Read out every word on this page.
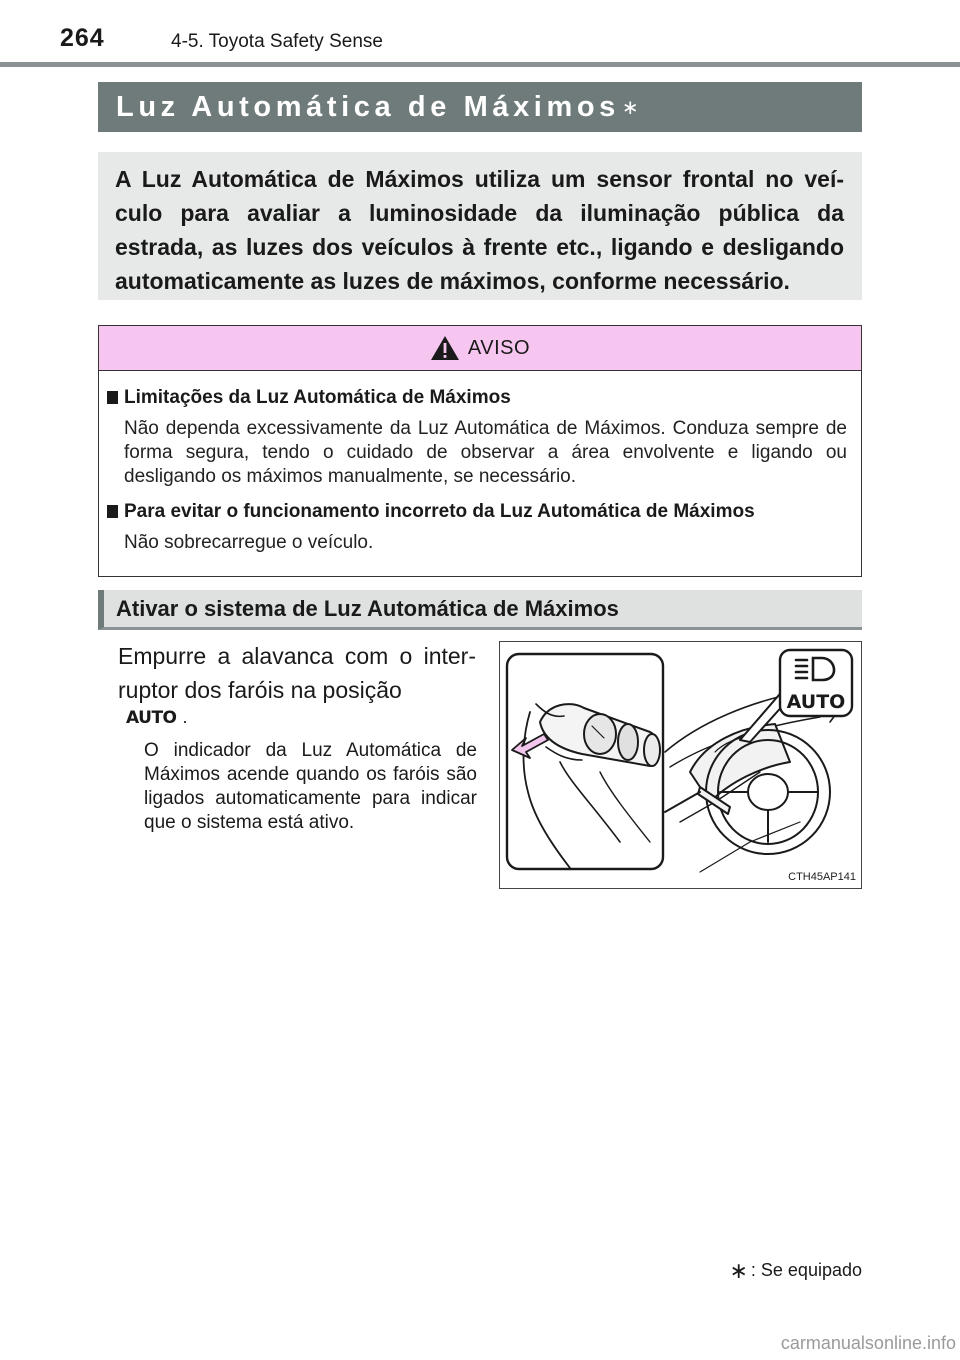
264	4-5. Toyota Safety Sense
Luz Automática de Máximos ∗
A Luz Automática de Máximos utiliza um sensor frontal no veí-culo para avaliar a luminosidade da iluminação pública da estrada, as luzes dos veículos à frente etc., ligando e desligando automaticamente as luzes de máximos, conforme necessário.
AVISO
Limitações da Luz Automática de Máximos
Não dependa excessivamente da Luz Automática de Máximos. Conduza sempre de forma segura, tendo o cuidado de observar a área envolvente e ligando ou desligando os máximos manualmente, se necessário.
Para evitar o funcionamento incorreto da Luz Automática de Máximos
Não sobrecarregue o veículo.
Ativar o sistema de Luz Automática de Máximos
Empurre a alavanca com o inter-ruptor dos faróis na posição
AUTO .
O indicador da Luz Automática de Máximos acende quando os faróis são ligados automaticamente para indicar que o sistema está ativo.
AUTO
CTH45AP141
∗ : Se equipado
carmanualsonline.info
